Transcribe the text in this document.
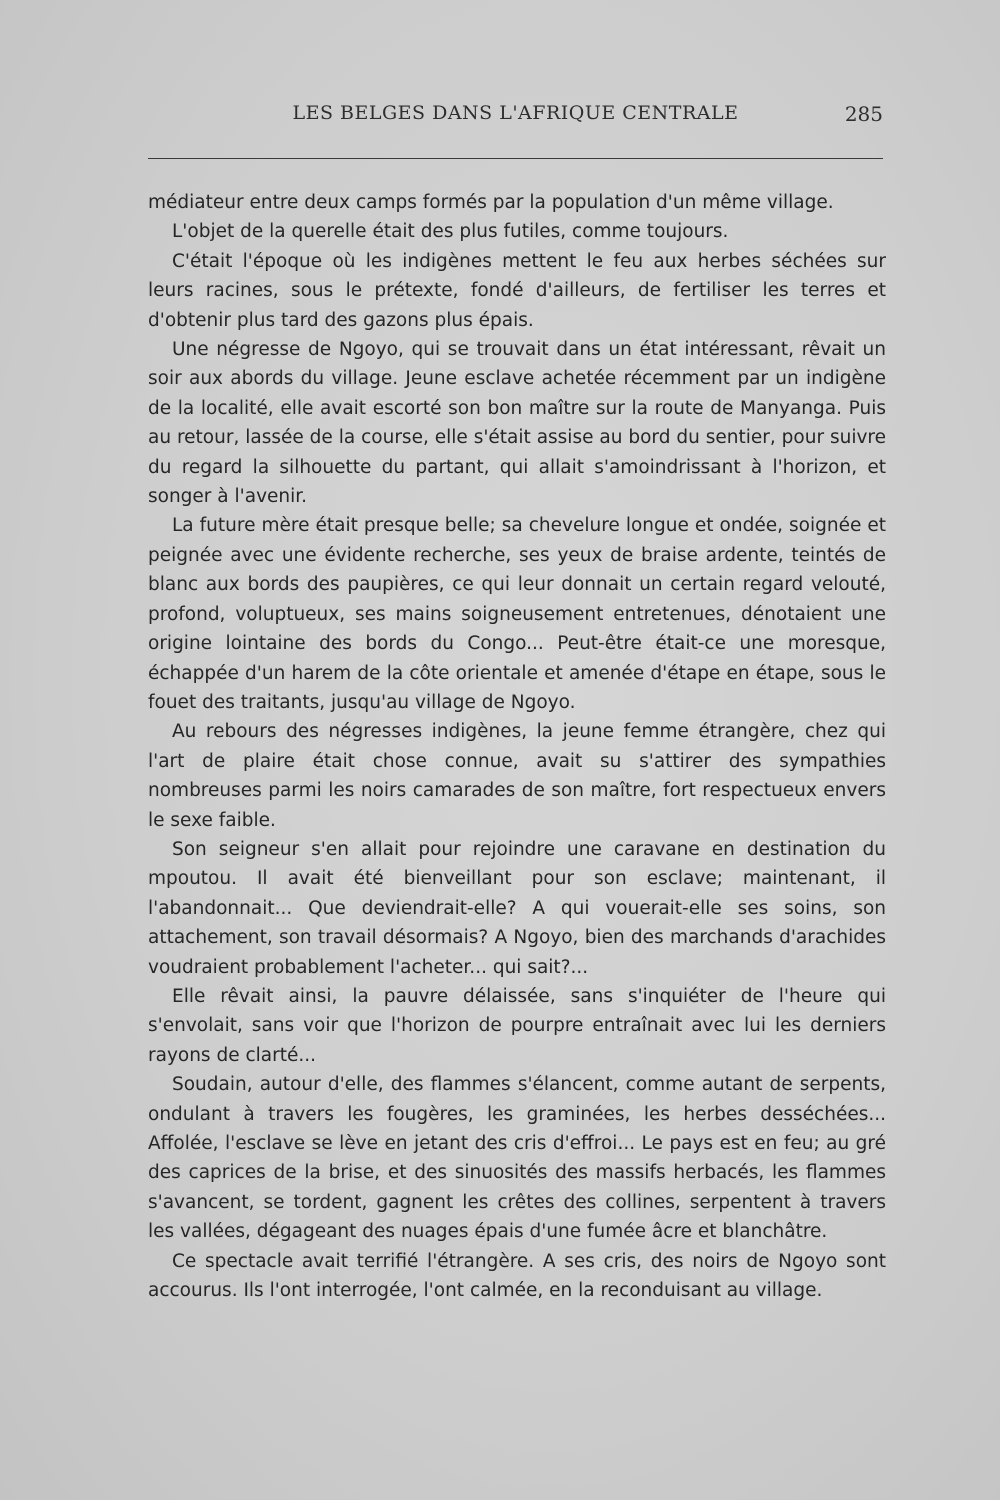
LES BELGES DANS L'AFRIQUE CENTRALE	285

médiateur entre deux camps formés par la population d'un même village.

L'objet de la querelle était des plus futiles, comme toujours.

C'était l'époque où les indigènes mettent le feu aux herbes séchées sur leurs racines, sous le prétexte, fondé d'ailleurs, de fertiliser les terres et d'obtenir plus tard des gazons plus épais.

Une négresse de Ngoyo, qui se trouvait dans un état intéressant, rêvait un soir aux abords du village. Jeune esclave achetée récemment par un indigène de la localité, elle avait escorté son bon maître sur la route de Manyanga. Puis au retour, lassée de la course, elle s'était assise au bord du sentier, pour suivre du regard la silhouette du partant, qui allait s'amoindrissant à l'horizon, et songer à l'avenir.

La future mère était presque belle; sa chevelure longue et ondée, soignée et peignée avec une évidente recherche, ses yeux de braise ardente, teintés de blanc aux bords des paupières, ce qui leur donnait un certain regard velouté, profond, voluptueux, ses mains soigneusement entretenues, dénotaient une origine lointaine des bords du Congo... Peut-être était-ce une moresque, échappée d'un harem de la côte orientale et amenée d'étape en étape, sous le fouet des traitants, jusqu'au village de Ngoyo.

Au rebours des négresses indigènes, la jeune femme étrangère, chez qui l'art de plaire était chose connue, avait su s'attirer des sympathies nombreuses parmi les noirs camarades de son maître, fort respectueux envers le sexe faible.

Son seigneur s'en allait pour rejoindre une caravane en destination du mpoutou. Il avait été bienveillant pour son esclave; maintenant, il l'abandonnait... Que deviendrait-elle? A qui vouerait-elle ses soins, son attachement, son travail désormais? A Ngoyo, bien des marchands d'arachides voudraient probablement l'acheter... qui sait?...

Elle rêvait ainsi, la pauvre délaissée, sans s'inquiéter de l'heure qui s'envolait, sans voir que l'horizon de pourpre entraînait avec lui les derniers rayons de clarté...

Soudain, autour d'elle, des flammes s'élancent, comme autant de serpents, ondulant à travers les fougères, les graminées, les herbes desséchées... Affolée, l'esclave se lève en jetant des cris d'effroi... Le pays est en feu; au gré des caprices de la brise, et des sinuosités des massifs herbacés, les flammes s'avancent, se tordent, gagnent les crêtes des collines, serpentent à travers les vallées, dégageant des nuages épais d'une fumée âcre et blanchâtre.

Ce spectacle avait terrifié l'étrangère. A ses cris, des noirs de Ngoyo sont accourus. Ils l'ont interrogée, l'ont calmée, en la reconduisant au village.
